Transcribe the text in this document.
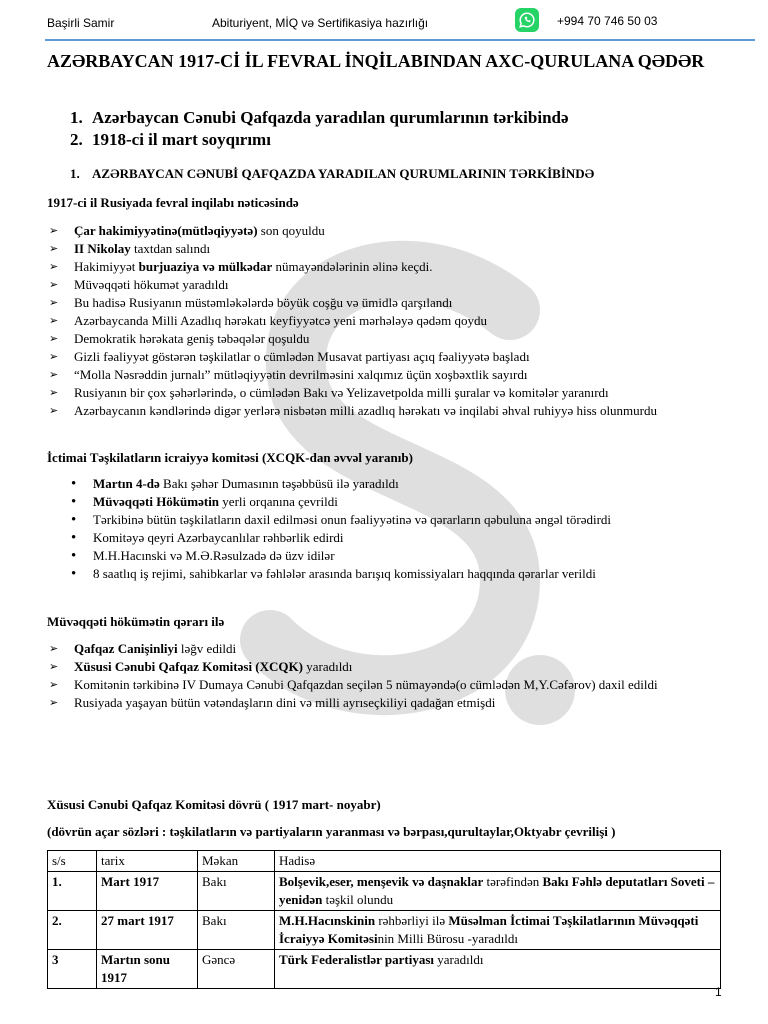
Başirli Samir	Abituriyent, MİQ və Sertifikasiya hazırlığı	+994 70 746 50 03
AZƏRBAYCAN 1917-Cİ İL FEVRAL İNQİLABINDAN AXC-QURULANA QƏDƏR
1. Azərbaycan Cənubi Qafqazda yaradılan qurumlarının tərkibində
2. 1918-ci il mart soyqırımı
1. AZƏRBAYCAN CƏNUBİ QAFQAZDA YARADILAN QURUMLARININ TƏRKİBİNDƏ
1917-ci il Rusiyada fevral inqilabı nəticəsində
➢ Çar hakimiyyətinə(mütləqiyyətə) son qoyuldu
➢ II Nikolay taxtdan salındı
➢ Hakimiyyət burjuaziya və mülkədar nümayəndələrinin əlinə keçdi.
➢ Müvəqqəti hökumət yaradıldı
➢ Bu hadisə Rusiyanın müstəmləkələrdə böyük coşğu və ümidlə qarşılandı
➢ Azərbaycanda Milli Azadlıq hərəkatı keyfiyyətcə yeni mərhələyə qədəm qoydu
➢ Demokratik hərəkata geniş təbəqələr qoşuldu
➢ Gizli fəaliyyət göstərən təşkilatlar o cümlədən Musavat partiyası açıq fəaliyyətə başladı
➢ “Molla Nəsrəddin jurnalı” mütləqiyyətin devrilməsini xalqımız üçün xoşbəxtlik sayırdı
➢ Rusiyanın bir çox şəhərlərində, o cümlədən Bakı və Yelizavetpolda milli şuralar və komitələr yaranırdı
➢ Azərbaycanın kəndlərində digər yerlərə nisbətən milli azadlıq hərəkatı və inqilabi əhval ruhiyyə hiss olunmurdu
İctimai Təşkilatların icraiyyə komitəsi (XCQK-dan əvvəl yaranıb)
• Martın 4-də Bakı şəhər Dumasının təşəbbüsü ilə yaradıldı
• Müvəqqəti Hökümətin yerli orqanına çevrildi
• Tərkibinə bütün təşkilatların daxil edilməsi onun fəaliyyətinə və qərarların qəbuluna əngəl törədirdi
• Komitəyə qeyri Azərbaycanlılar rəhbərlik edirdi
• M.H.Hacınski və M.Ə.Rəsulzadə də üzv idilər
• 8 saatlıq iş rejimi, sahibkarlar və fəhlələr arasında barışıq komissiyaları haqqında qərarlar verildi
Müvəqqəti hökümətin qərarı ilə
➢ Qafqaz Canişinliyi ləğv edildi
➢ Xüsusi Cənubi Qafqaz Komitəsi (XCQK) yaradıldı
➢ Komitənin tərkibinə IV Dumaya Cənubi Qafqazdan seçilən 5 nümayəndə(o cümlədən M,Y.Cəfərov) daxil edildi
➢ Rusiyada yaşayan bütün vətəndaşların dini və milli ayrıseçkiliyi qadağan etmişdi
Xüsusi Cənubi Qafqaz Komitəsi dövrü ( 1917 mart- noyabr)
(dövrün açar sözləri : təşkilatların və partiyaların yaranması və bərpası,qurultaylar,Oktyabr çevrilişi )
s/s	tarix	Məkan	Hadisə
1.	Mart 1917	Bakı	Bolşevik,eser, menşevik və daşnaklar tərəfindən Bakı Fəhlə deputatları Soveti –yenidən təşkil olundu
2.	27 mart 1917	Bakı	M.H.Hacınskinin rəhbərliyi ilə Müsəlman İctimai Təşkilatlarının Müvəqqəti İcraiyyə Komitəsinin Milli Bürosu -yaradıldı
3	Martın sonu 1917	Gəncə	Türk Federalistlər partiyası yaradıldı
1
